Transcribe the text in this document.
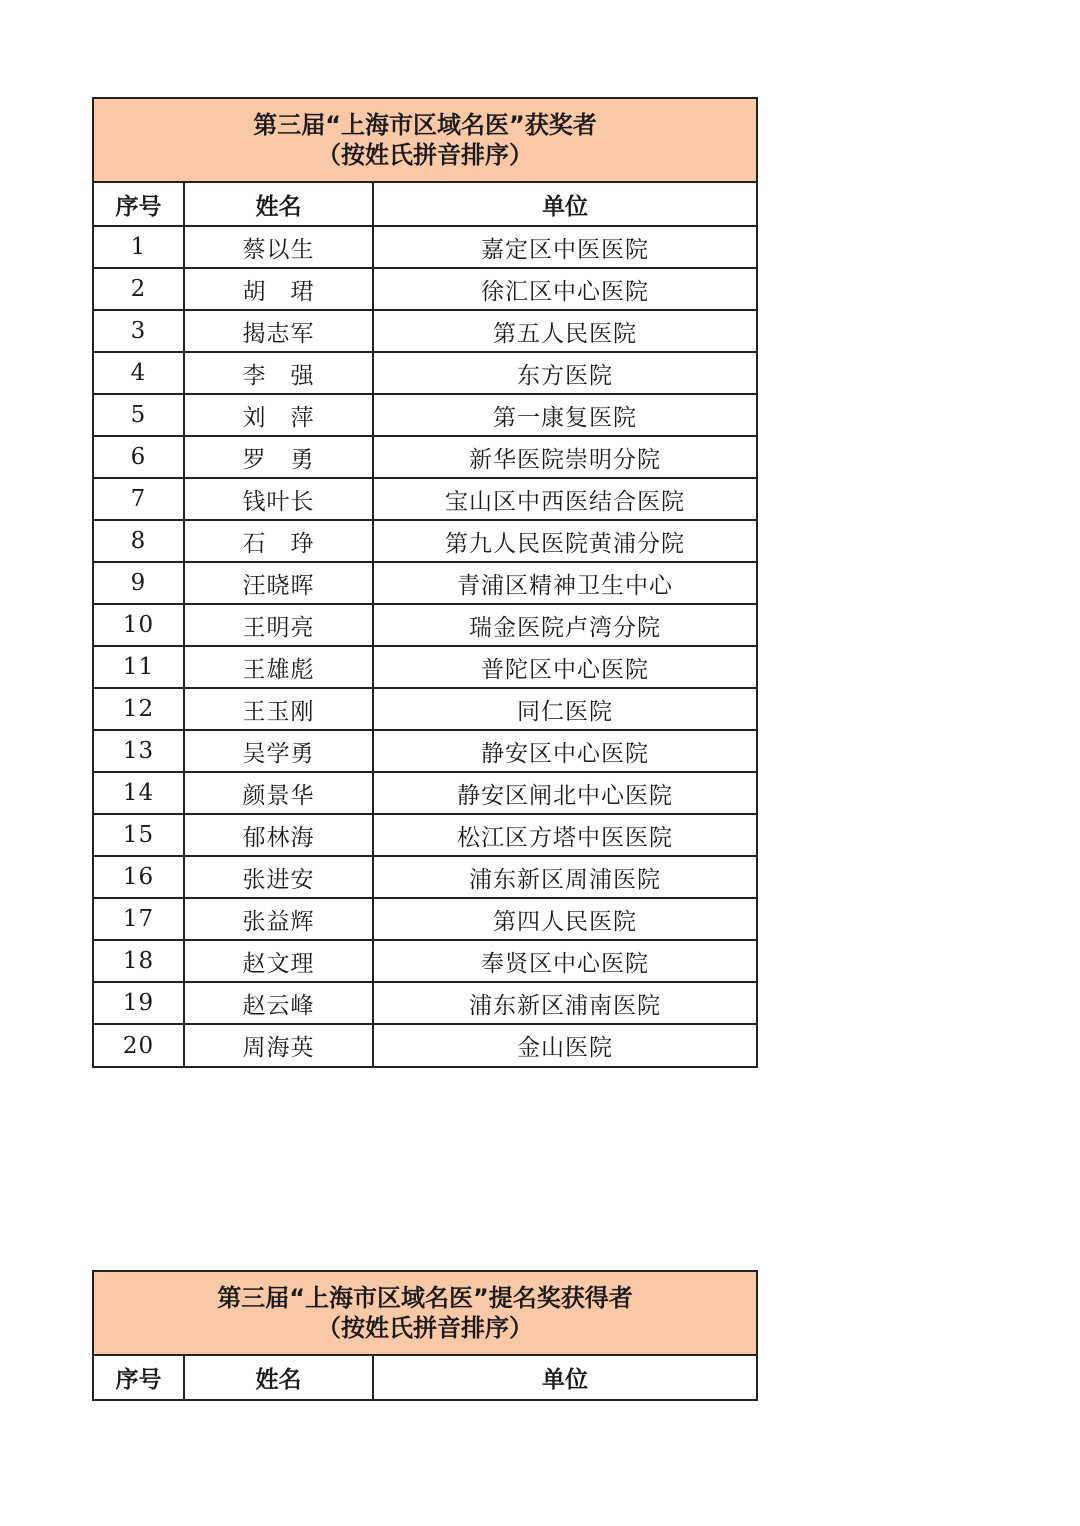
第三届“上海市区域名医”获奖者
（按姓氏拼音排序）
序号	姓名	单位
1	蔡以生	嘉定区中医医院
2	胡　珺	徐汇区中心医院
3	揭志军	第五人民医院
4	李　强	东方医院
5	刘　萍	第一康复医院
6	罗　勇	新华医院崇明分院
7	钱叶长	宝山区中西医结合医院
8	石　琤	第九人民医院黄浦分院
9	汪晓晖	青浦区精神卫生中心
10	王明亮	瑞金医院卢湾分院
11	王雄彪	普陀区中心医院
12	王玉刚	同仁医院
13	吴学勇	静安区中心医院
14	颜景华	静安区闸北中心医院
15	郁林海	松江区方塔中医医院
16	张进安	浦东新区周浦医院
17	张益辉	第四人民医院
18	赵文理	奉贤区中心医院
19	赵云峰	浦东新区浦南医院
20	周海英	金山医院
第三届“上海市区域名医”提名奖获得者
（按姓氏拼音排序）
序号	姓名	单位
